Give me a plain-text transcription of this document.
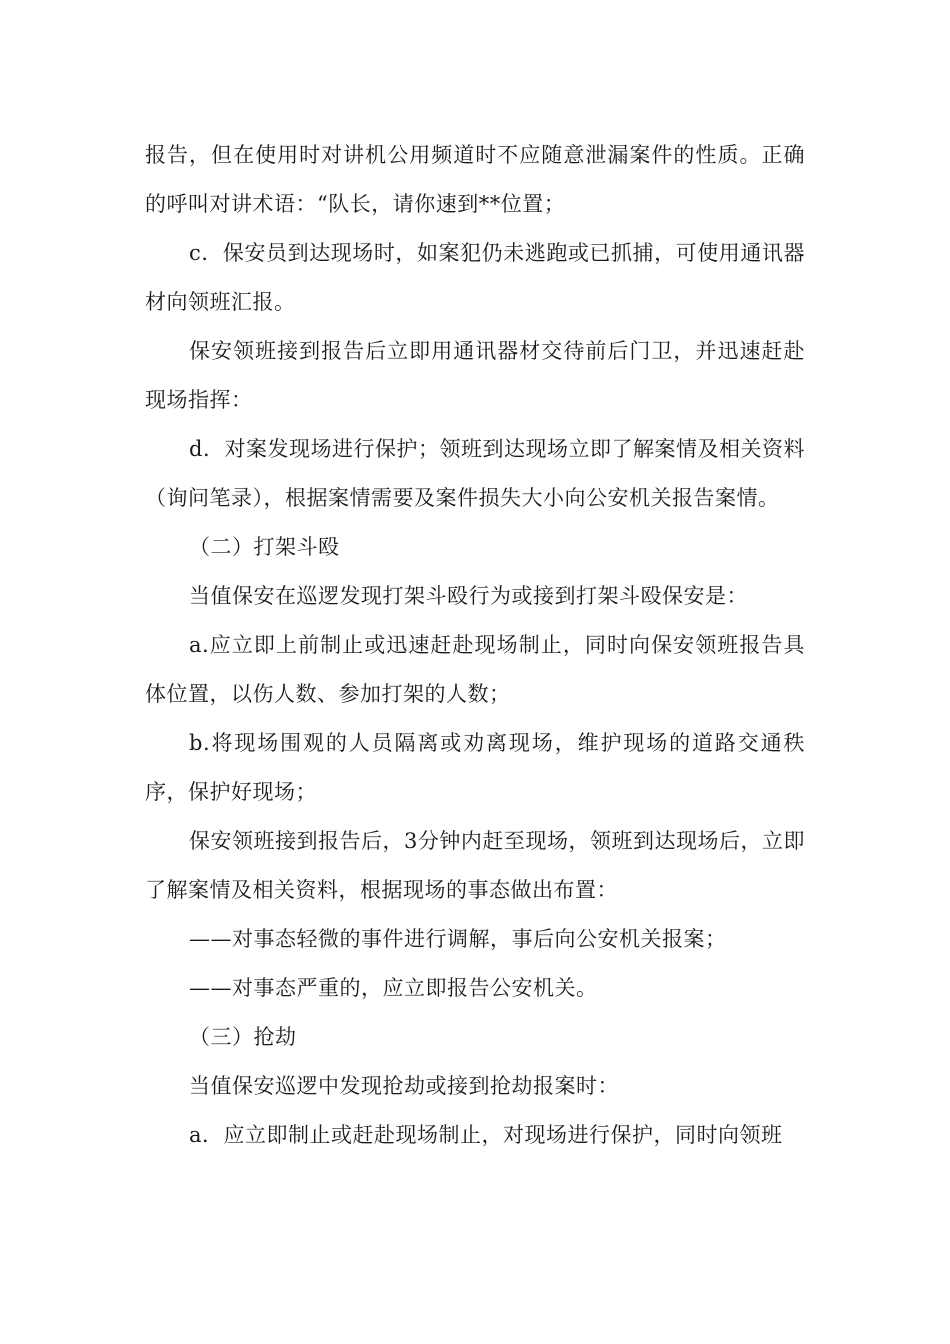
报告，但在使用时对讲机公用频道时不应随意泄漏案件的性质。正确的呼叫对讲术语：“队长，请你速到**位置；

c．保安员到达现场时，如案犯仍未逃跑或已抓捕，可使用通讯器材向领班汇报。

保安领班接到报告后立即用通讯器材交待前后门卫，并迅速赶赴现场指挥：

d．对案发现场进行保护；领班到达现场立即了解案情及相关资料（询问笔录），根据案情需要及案件损失大小向公安机关报告案情。

（二）打架斗殴

当值保安在巡逻发现打架斗殴行为或接到打架斗殴保安是：

a.应立即上前制止或迅速赶赴现场制止，同时向保安领班报告具体位置，以伤人数、参加打架的人数；

b.将现场围观的人员隔离或劝离现场，维护现场的道路交通秩序，保护好现场；

保安领班接到报告后，3分钟内赶至现场，领班到达现场后，立即了解案情及相关资料，根据现场的事态做出布置：

——对事态轻微的事件进行调解，事后向公安机关报案；

——对事态严重的，应立即报告公安机关。

（三）抢劫

当值保安巡逻中发现抢劫或接到抢劫报案时：

a．应立即制止或赶赴现场制止，对现场进行保护，同时向领班
